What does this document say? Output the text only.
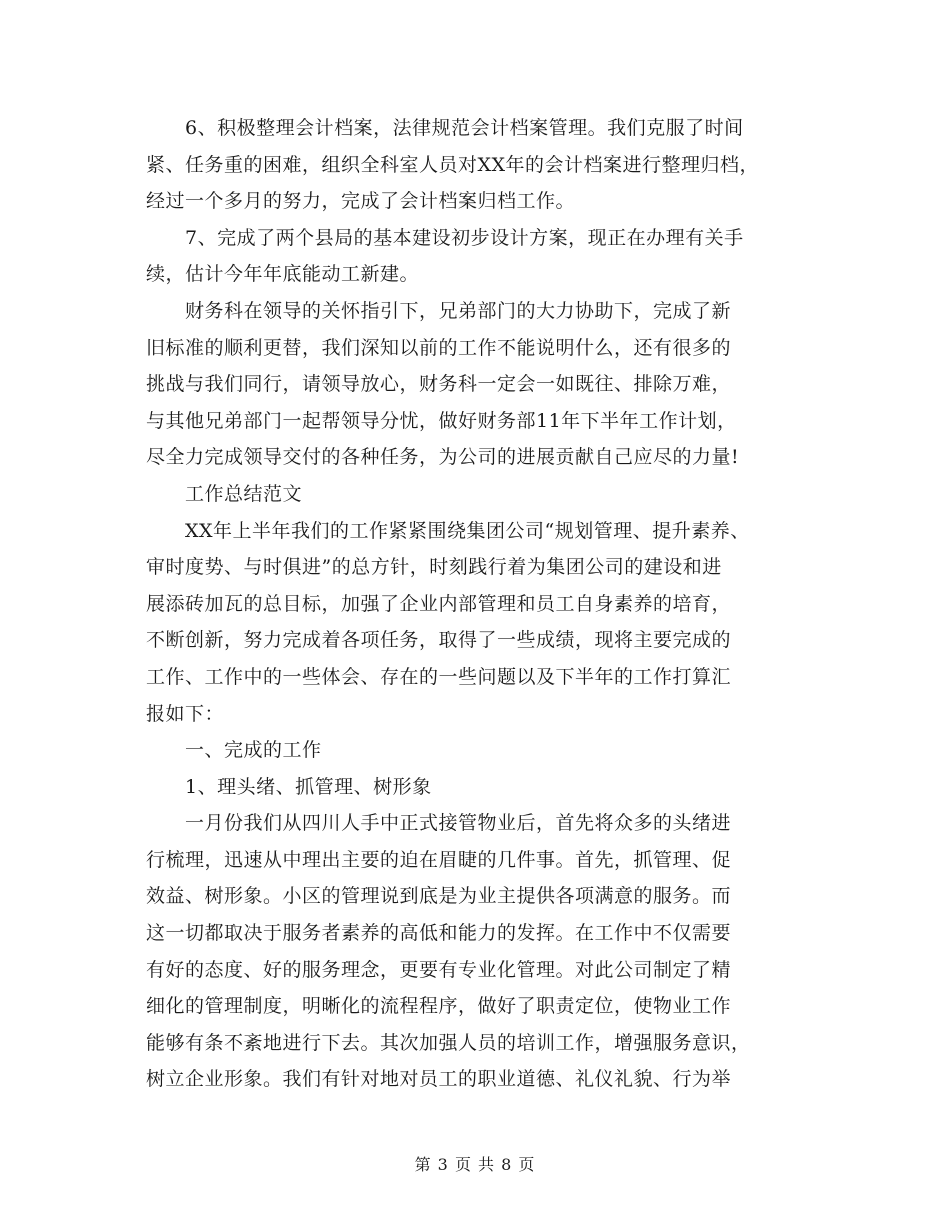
6、积极整理会计档案，法律规范会计档案管理。我们克服了时间
紧、任务重的困难，组织全科室人员对XX年的会计档案进行整理归档，
经过一个多月的努力，完成了会计档案归档工作。
7、完成了两个县局的基本建设初步设计方案，现正在办理有关手
续，估计今年年底能动工新建。
财务科在领导的关怀指引下，兄弟部门的大力协助下，完成了新
旧标准的顺利更替，我们深知以前的工作不能说明什么，还有很多的
挑战与我们同行，请领导放心，财务科一定会一如既往、排除万难，
与其他兄弟部门一起帮领导分忧，做好财务部11年下半年工作计划，
尽全力完成领导交付的各种任务，为公司的进展贡献自己应尽的力量!
工作总结范文
XX年上半年我们的工作紧紧围绕集团公司“规划管理、提升素养、
审时度势、与时俱进”的总方针，时刻践行着为集团公司的建设和进
展添砖加瓦的总目标，加强了企业内部管理和员工自身素养的培育，
不断创新，努力完成着各项任务，取得了一些成绩，现将主要完成的
工作、工作中的一些体会、存在的一些问题以及下半年的工作打算汇
报如下：
一、完成的工作
1、理头绪、抓管理、树形象
一月份我们从四川人手中正式接管物业后，首先将众多的头绪进
行梳理，迅速从中理出主要的迫在眉睫的几件事。首先，抓管理、促
效益、树形象。小区的管理说到底是为业主提供各项满意的服务。而
这一切都取决于服务者素养的高低和能力的发挥。在工作中不仅需要
有好的态度、好的服务理念，更要有专业化管理。对此公司制定了精
细化的管理制度，明晰化的流程程序，做好了职责定位，使物业工作
能够有条不紊地进行下去。其次加强人员的培训工作，增强服务意识，
树立企业形象。我们有针对地对员工的职业道德、礼仪礼貌、行为举
第 3 页 共 8 页
